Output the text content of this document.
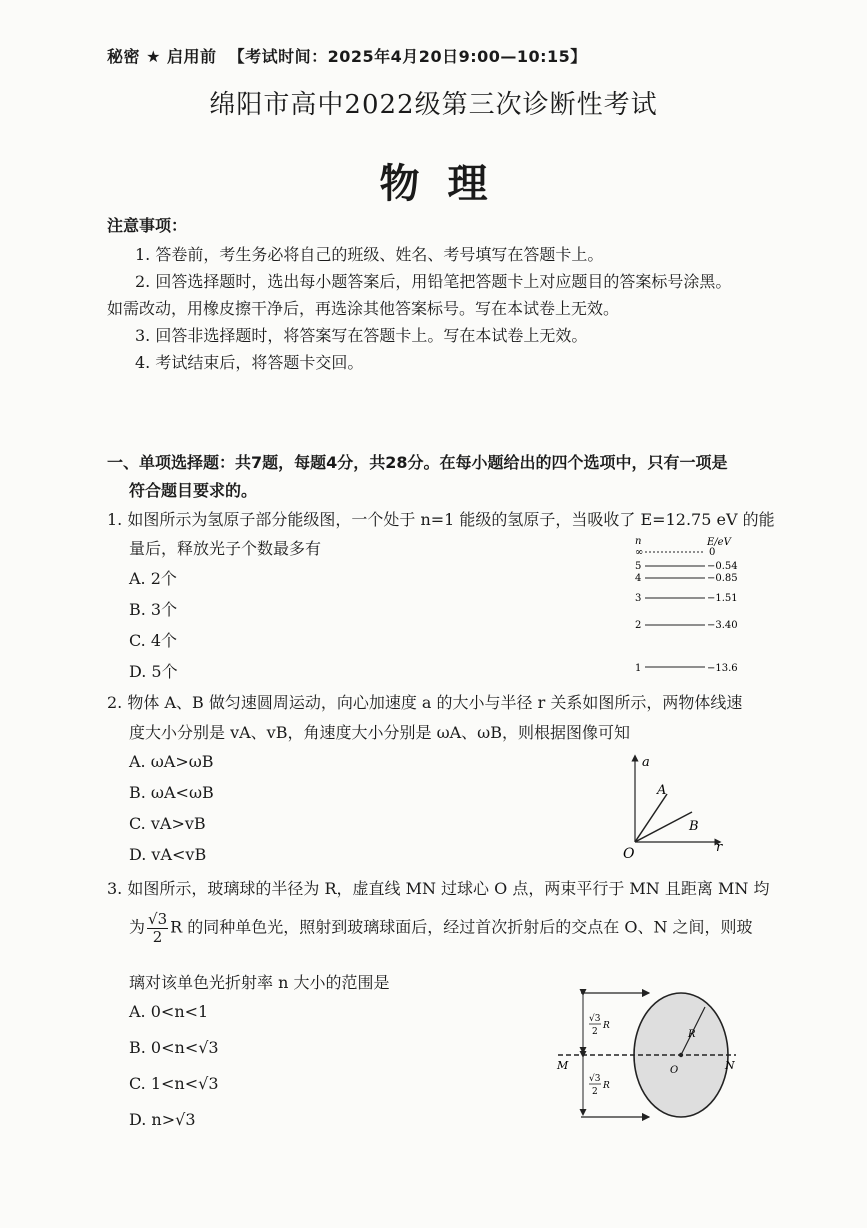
秘密 ★ 启用前 【考试时间：2025年4月20日9:00—10:15】
绵阳市高中2022级第三次诊断性考试
物理
注意事项：
1. 答卷前，考生务必将自己的班级、姓名、考号填写在答题卡上。
2. 回答选择题时，选出每小题答案后，用铅笔把答题卡上对应题目的答案标号涂黑。
如需改动，用橡皮擦干净后，再选涂其他答案标号。写在本试卷上无效。
3. 回答非选择题时，将答案写在答题卡上。写在本试卷上无效。
4. 考试结束后，将答题卡交回。
一、单项选择题：共7题，每题4分，共28分。在每小题给出的四个选项中，只有一项是
符合题目要求的。
1. 如图所示为氢原子部分能级图，一个处于 n=1 能级的氢原子，当吸收了 E=12.75 eV 的能
量后，释放光子个数最多有
A. 2个
B. 3个
C. 4个
D. 5个
n	E/eV
∞	0
5	−0.54
4	−0.85
3	−1.51
2	−3.40
1	−13.6
2. 物体 A、B 做匀速圆周运动，向心加速度 a 的大小与半径 r 关系如图所示，两物体线速
度大小分别是 vA、vB，角速度大小分别是 ωA、ωB，则根据图像可知
A. ωA>ωB
B. ωA<ωB
C. vA>vB
D. vA<vB
a
r
O
A
B
3. 如图所示，玻璃球的半径为 R，虚直线 MN 过球心 O 点，两束平行于 MN 且距离 MN 均
为 $\frac{√3}{2}$ R 的同种单色光，照射到玻璃球面后，经过首次折射后的交点在 O、N 之间，则玻
璃对该单色光折射率 n 大小的范围是
A. 0<n<1
B. 0<n<√3
C. 1<n<√3
D. n>√3
√3
2
R
√3
2
R
M	N
O
R
